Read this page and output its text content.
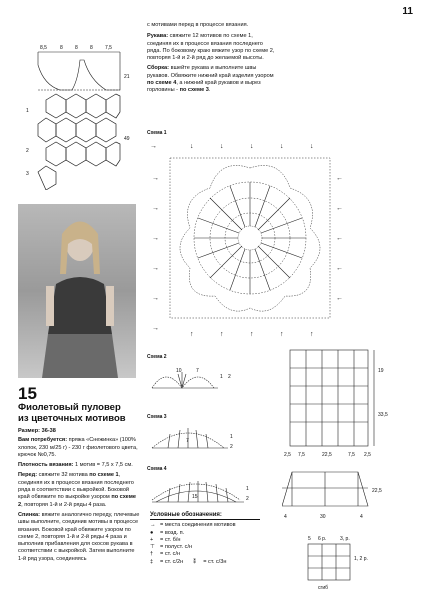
11
8,5	8 8 8 7,5
21
49
1
2
3
с мотивами перед в процессе вязания.
Рукава: свяжите 12 мотивов по схеме 1, соединяя их в процессе вязания последнего ряда. По боковому краю вяжите узор по схеме 2, повторяя 1-й и 2-й ряд до желаемой высоты.
Сборка: вшейте рукава и выполните швы рукавов. Обвяжите нижний край изделия узором по схеме 4, а нижний край рукавов и вырез горловины - по схеме 3.
15
Фиолетовый пуловер
из цветочных мотивов
Размер: 36-38
Вам потребуется: пряжа «Снежинка» (100% хлопок, 230 м/25 г) - 230 г фиолетового цвета, крючок №0,75.
Плотность вязания: 1 мотив = 7,5 х 7,5 см.
Перед: свяжите 32 мотива по схеме 1, соединяя их в процессе вязания последнего ряда в соответствии с выкройкой. Боковой край обвяжите по выкройке узором по схеме 2, повторяя 1-й и 2-й ряды 4 раза.
Спинка: вяжите аналогично переду, плечевые швы выполните, соединив мотивы в процессе вязания. Боковой край обвяжите узором по схеме 2, повторяя 1-й и 2-й ряды 4 раза и выполнив прибавления для скосов рукава в соответствии с выкройкой. Затем выполните 1-й ряд узора, соединяясь
Схема 1
→
→
→
→
→
→
→
←
←
←
←
←
↓	↓	↓	↓	↓
↑	↑	↑	↑	↑
Схема 2
10	7
1 2
Схема 3
7
1
2
Схема 4
15
1
2
Условные обозначения:
→ = места соединения мотивов
●	= возд. п.
+	= ст. б/н
⊤ = полуст. с/н
†	= ст. с/н
‡	= ст. с/2н ⁑	= ст. с/3н
19
33,5
2,5 7,5	22,5	7,5 2,5
22,5
4	30	4
5 6 р.	3, р.
1, 2 р.
сгиб
